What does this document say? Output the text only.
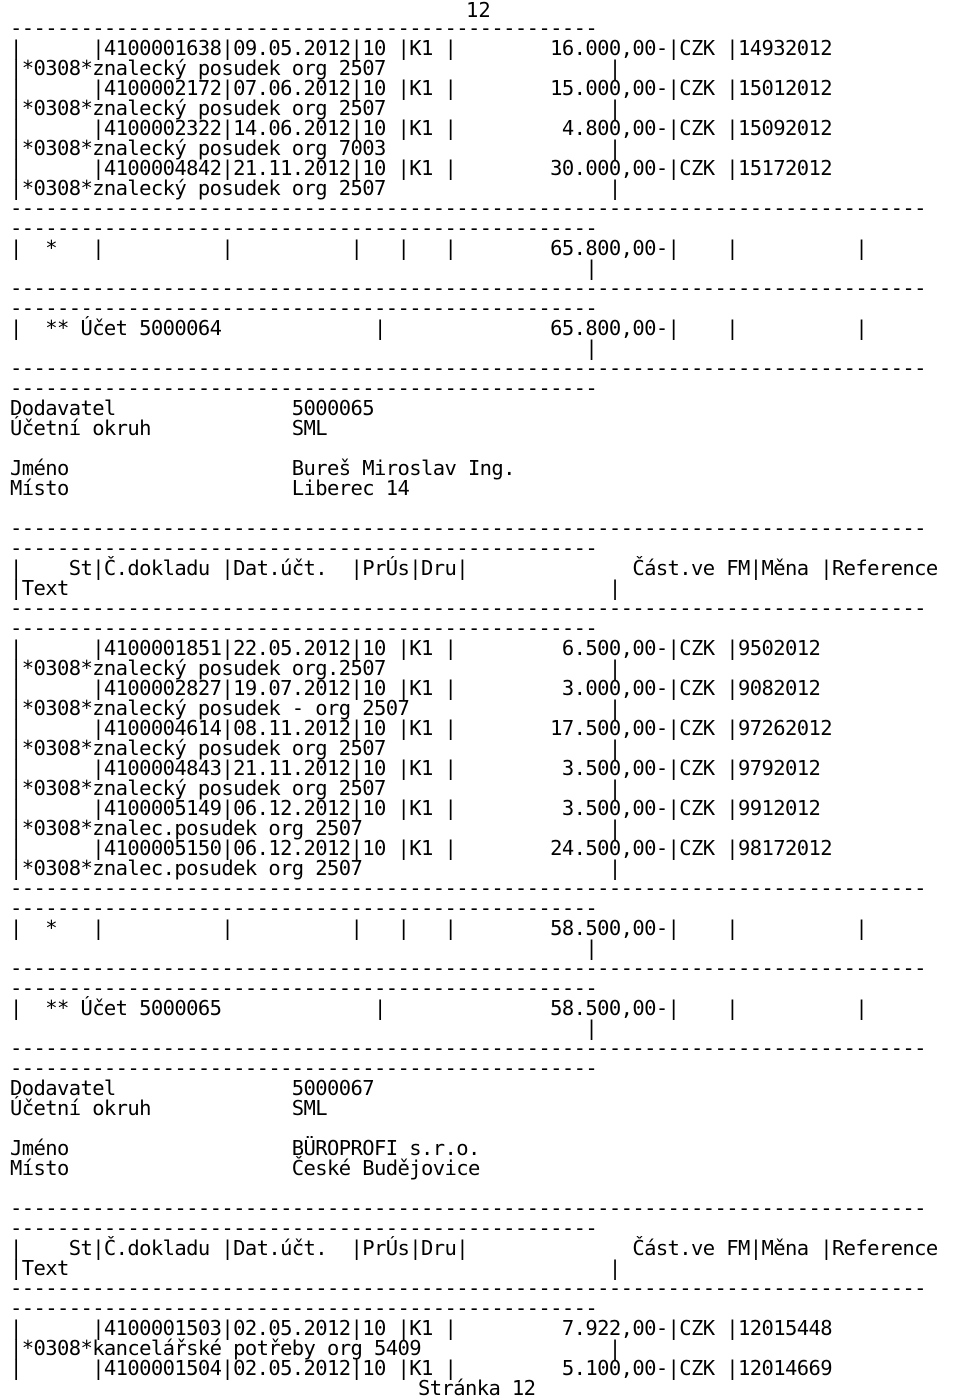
12
--------------------------------------------------
|      |4100001638|09.05.2012|10 |K1 |        16.000,00-|CZK |14932012
|*0308*znalecký posudek org 2507                   |
|      |4100002172|07.06.2012|10 |K1 |        15.000,00-|CZK |15012012
|*0308*znalecký posudek org 2507                   |
|      |4100002322|14.06.2012|10 |K1 |         4.800,00-|CZK |15092012
|*0308*znalecký posudek org 7003                   |
|      |4100004842|21.11.2012|10 |K1 |        30.000,00-|CZK |15172012
|*0308*znalecký posudek org 2507                   |
------------------------------------------------------------------------------
--------------------------------------------------
|  *   |          |          |   |   |        65.800,00-|    |          |
|
------------------------------------------------------------------------------
--------------------------------------------------
|  ** Účet 5000064             |              65.800,00-|    |          |
|
------------------------------------------------------------------------------
--------------------------------------------------
Dodavatel               5000065
Účetní okruh            SML
Jméno                   Bureš Miroslav Ing.
Místo                   Liberec 14
------------------------------------------------------------------------------
--------------------------------------------------
|    St|Č.dokladu |Dat.účt.  |PrÚs|Dru|              Část.ve FM|Měna |Reference
|Text                                              |
------------------------------------------------------------------------------
--------------------------------------------------
|      |4100001851|22.05.2012|10 |K1 |         6.500,00-|CZK |9502012
|*0308*znalecký posudek org.2507                   |
|      |4100002827|19.07.2012|10 |K1 |         3.000,00-|CZK |9082012
|*0308*znalecký posudek - org 2507                 |
|      |4100004614|08.11.2012|10 |K1 |        17.500,00-|CZK |97262012
|*0308*znalecký posudek org 2507                   |
|      |4100004843|21.11.2012|10 |K1 |         3.500,00-|CZK |9792012
|*0308*znalecký posudek org 2507                   |
|      |4100005149|06.12.2012|10 |K1 |         3.500,00-|CZK |9912012
|*0308*znalec.posudek org 2507                     |
|      |4100005150|06.12.2012|10 |K1 |        24.500,00-|CZK |98172012
|*0308*znalec.posudek org 2507                     |
------------------------------------------------------------------------------
--------------------------------------------------
|  *   |          |          |   |   |        58.500,00-|    |          |
|
------------------------------------------------------------------------------
--------------------------------------------------
|  ** Účet 5000065             |              58.500,00-|    |          |
|
------------------------------------------------------------------------------
--------------------------------------------------
Dodavatel               5000067
Účetní okruh            SML
Jméno                   BÜROPROFI s.r.o.
Místo                   České Budějovice
------------------------------------------------------------------------------
--------------------------------------------------
|    St|Č.dokladu |Dat.účt.  |PrÚs|Dru|              Část.ve FM|Měna |Reference
|Text                                              |
------------------------------------------------------------------------------
--------------------------------------------------
|      |4100001503|02.05.2012|10 |K1 |         7.922,00-|CZK |12015448
|*0308*kancelářské potřeby org 5409                |
|      |4100001504|02.05.2012|10 |K1 |         5.100,00-|CZK |12014669
Stránka 12
